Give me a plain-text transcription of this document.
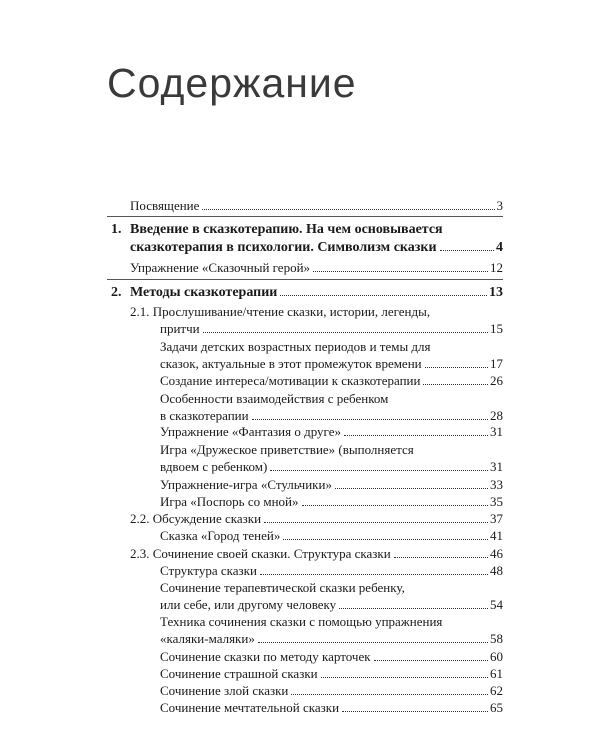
Содержание
Посвящение	3
1. Введение в сказкотерапию. На чем основывается
сказкотерапия в психологии. Символизм сказки	4
Упражнение «Сказочный герой»	12
2. Методы сказкотерапии	13
2.1. Прослушивание/чтение сказки, истории, легенды,
притчи	15
Задачи детских возрастных периодов и темы для
сказок, актуальные в этот промежуток времени	17
Создание интереса/мотивации к сказкотерапии	26
Особенности взаимодействия с ребенком
в сказкотерапии	28
Упражнение «Фантазия о друге»	31
Игра «Дружеское приветствие» (выполняется
вдвоем с ребенком)	31
Упражнение-игра «Стульчики»	33
Игра «Поспорь со мной»	35
2.2. Обсуждение сказки	37
Сказка «Город теней»	41
2.3. Сочинение своей сказки. Структура сказки	46
Структура сказки	48
Сочинение терапевтической сказки ребенку,
или себе, или другому человеку	54
Техника сочинения сказки с помощью упражнения
«каляки-маляки»	58
Сочинение сказки по методу карточек	60
Сочинение страшной сказки	61
Сочинение злой сказки	62
Сочинение мечтательной сказки	65
